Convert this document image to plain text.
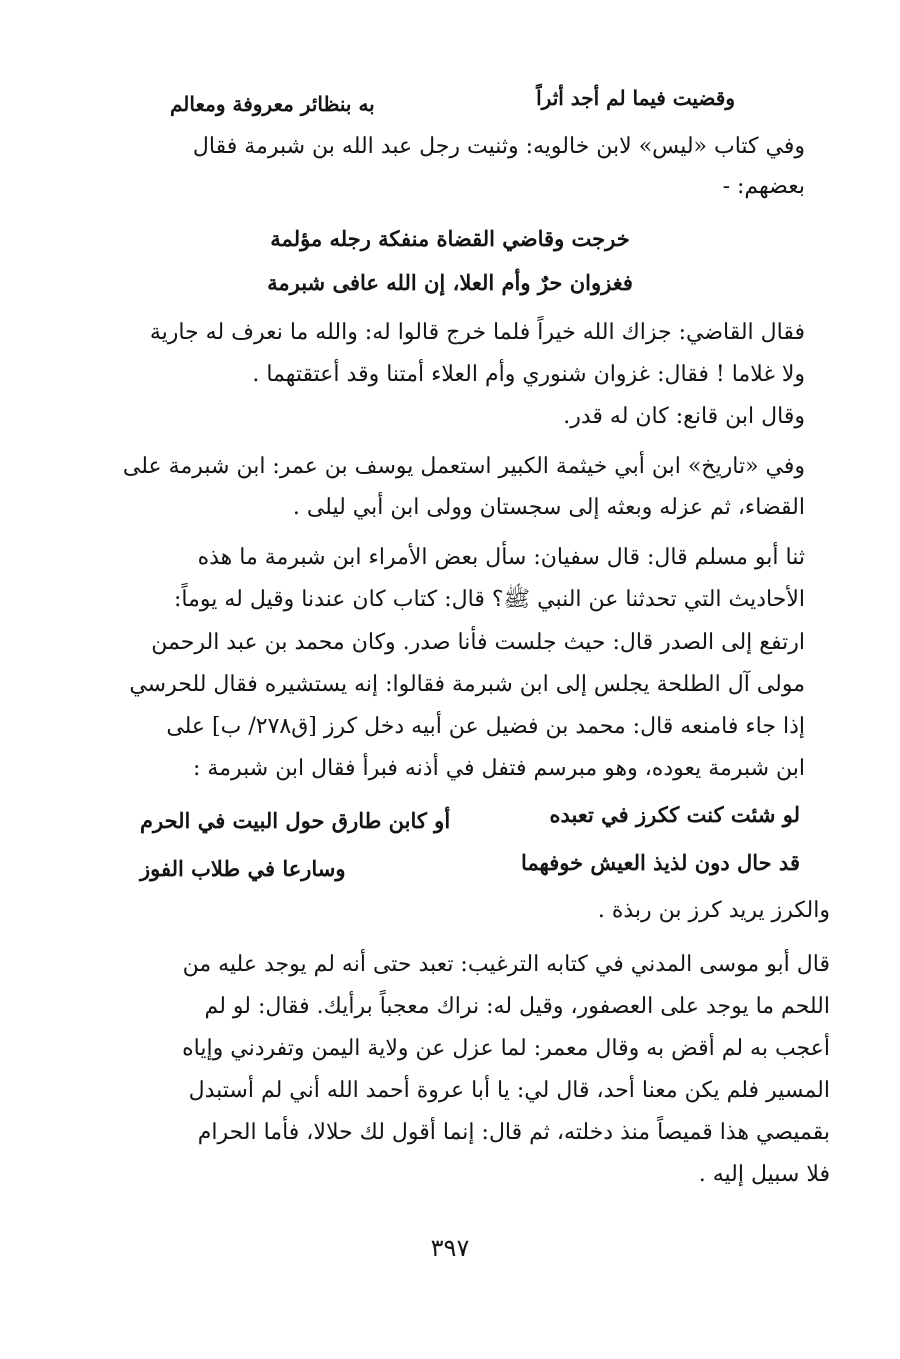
وقضيت فيما لم أجد أثراً
به بنظائر معروفة ومعالم
وفي كتاب «ليس» لابن خالويه: وثنيت رجل عبد الله بن شبرمة فقال
بعضهم: -
خرجت وقاضي القضاة منفكة رجله مؤلمة
فغزوان حرٌ وأم العلا، إن الله عافى شبرمة
فقال القاضي: جزاك الله خيراً فلما خرج قالوا له: والله ما نعرف له جارية
ولا غلاما ! فقال: غزوان شنوري وأم العلاء أمتنا وقد أعتقتهما .
وقال ابن قانع: كان له قدر.
وفي «تاريخ» ابن أبي خيثمة الكبير استعمل يوسف بن عمر: ابن شبرمة على
القضاء، ثم عزله وبعثه إلى سجستان وولى ابن أبي ليلى .
ثنا أبو مسلم قال: قال سفيان: سأل بعض الأمراء ابن شبرمة ما هذه
الأحاديث التي تحدثنا عن النبي ﷺ؟ قال: كتاب كان عندنا وقيل له يوماً:
ارتفع إلى الصدر قال: حيث جلست فأنا صدر. وكان محمد بن عبد الرحمن
مولى آل الطلحة يجلس إلى ابن شبرمة فقالوا: إنه يستشيره فقال للحرسي
إذا جاء فامنعه قال: محمد بن فضيل عن أبيه دخل كرز [ق٢٧٨/ ب] على
ابن شبرمة يعوده، وهو مبرسم فتفل في أذنه فبرأ فقال ابن شبرمة :
لو شئت كنت ككرز في تعبده
أو كابن طارق حول البيت في الحرم
قد حال دون لذيذ العيش خوفهما
وسارعا في طلاب الفوز
والكرز يريد كرز بن ربذة .
قال أبو موسى المدني في كتابه الترغيب: تعبد حتى أنه لم يوجد عليه من
اللحم ما يوجد على العصفور، وقيل له: نراك معجباً برأيك. فقال: لو لم
أعجب به لم أقض به وقال معمر: لما عزل عن ولاية اليمن وتفردني وإياه
المسير فلم يكن معنا أحد، قال لي: يا أبا عروة أحمد الله أني لم أستبدل
بقميصي هذا قميصاً منذ دخلته، ثم قال: إنما أقول لك حلالا، فأما الحرام
فلا سبيل إليه .
٣٩٧
